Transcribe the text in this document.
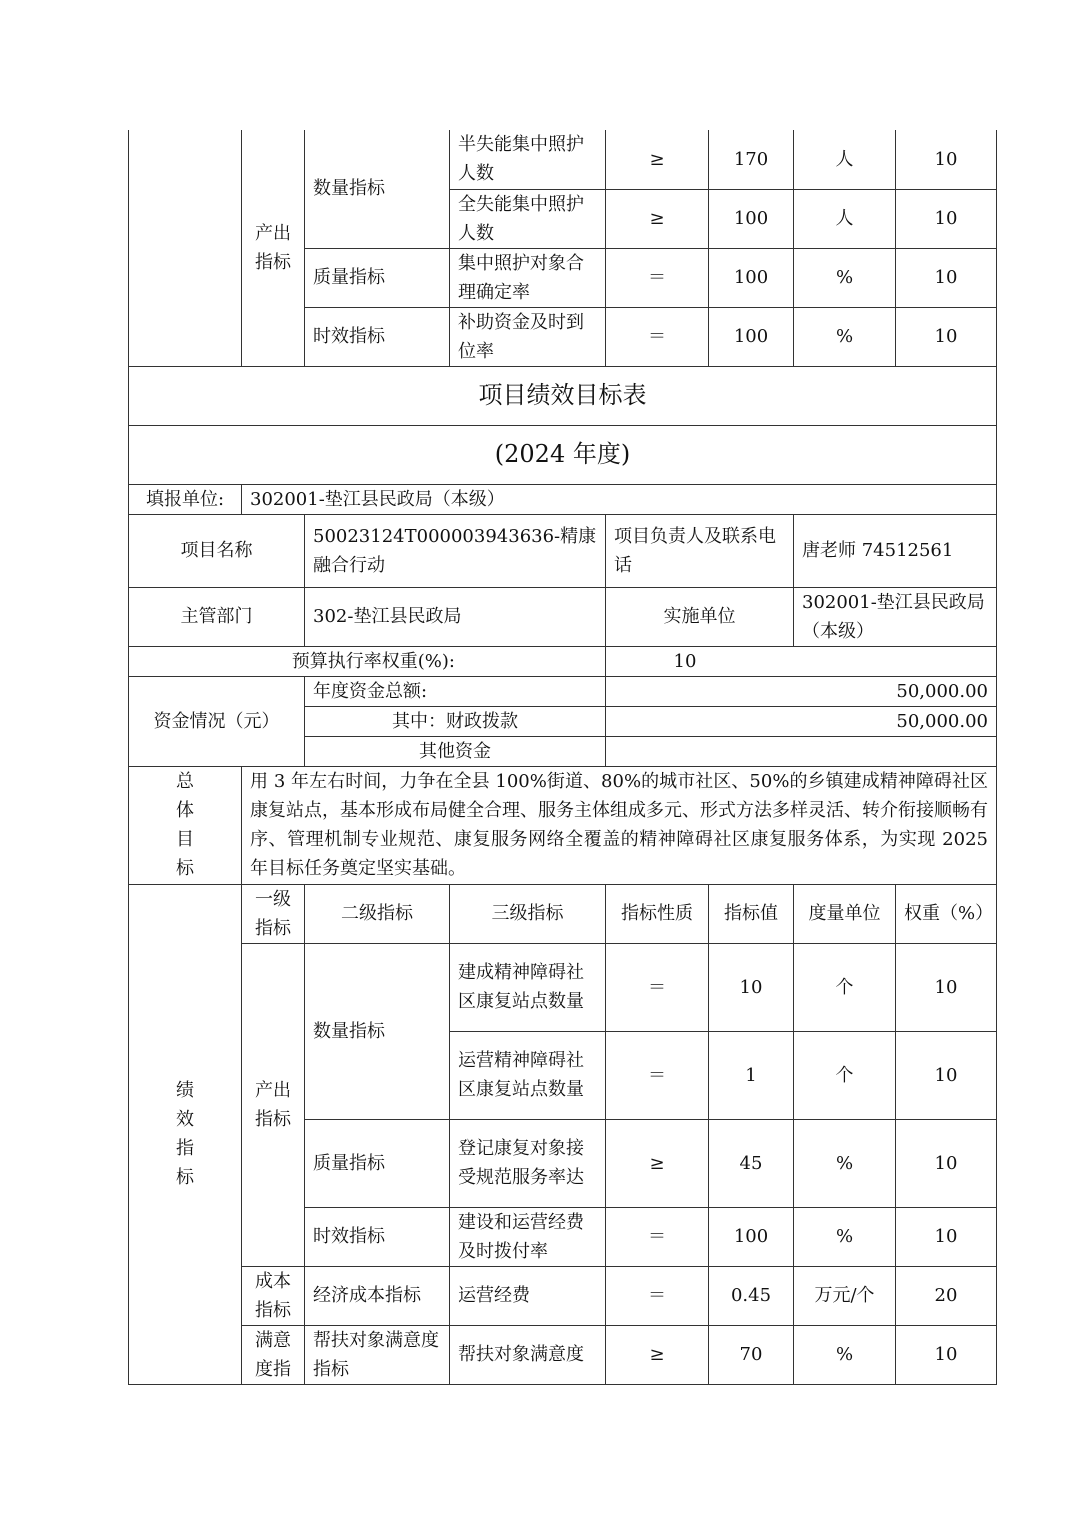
	产出指标	数量指标	半失能集中照护人数	≥	170	人	10
			全失能集中照护人数	≥	100	人	10
		质量指标	集中照护对象合理确定率	＝	100	%	10
		时效指标	补助资金及时到位率	＝	100	%	10
项目绩效目标表							
(2024 年度)							
填报单位:	302001-垫江县民政局（本级）						
项目名称		50023124T000003943636-精康融合行动		项目负责人及联系电话		唐老师 74512561	
主管部门		302-垫江县民政局		实施单位		302001-垫江县民政局（本级）	
预算执行率权重(%):				10			
资金情况（元）		年度资金总额:		50,000.00			
		其中：财政拨款		50,000.00			
		其他资金					
总体目标	用 3 年左右时间，力争在全县 100%街道、80%的城市社区、50%的乡镇建成精神障碍社区康复站点，基本形成布局健全合理、服务主体组成多元、形式方法多样灵活、转介衔接顺畅有序、管理机制专业规范、康复服务网络全覆盖的精神障碍社区康复服务体系，为实现 2025 年目标任务奠定坚实基础。						
绩效指标	一级指标	二级指标	三级指标	指标性质	指标值	度量单位	权重（%）
	产出指标	数量指标	建成精神障碍社区康复站点数量	＝	10	个	10
			运营精神障碍社区康复站点数量	＝	1	个	10
		质量指标	登记康复对象接受规范服务率达	≥	45	%	10
		时效指标	建设和运营经费及时拨付率	＝	100	%	10
	成本指标	经济成本指标	运营经费	＝	0.45	万元/个	20
	满意度指	帮扶对象满意度指标	帮扶对象满意度	≥	70	%	10
